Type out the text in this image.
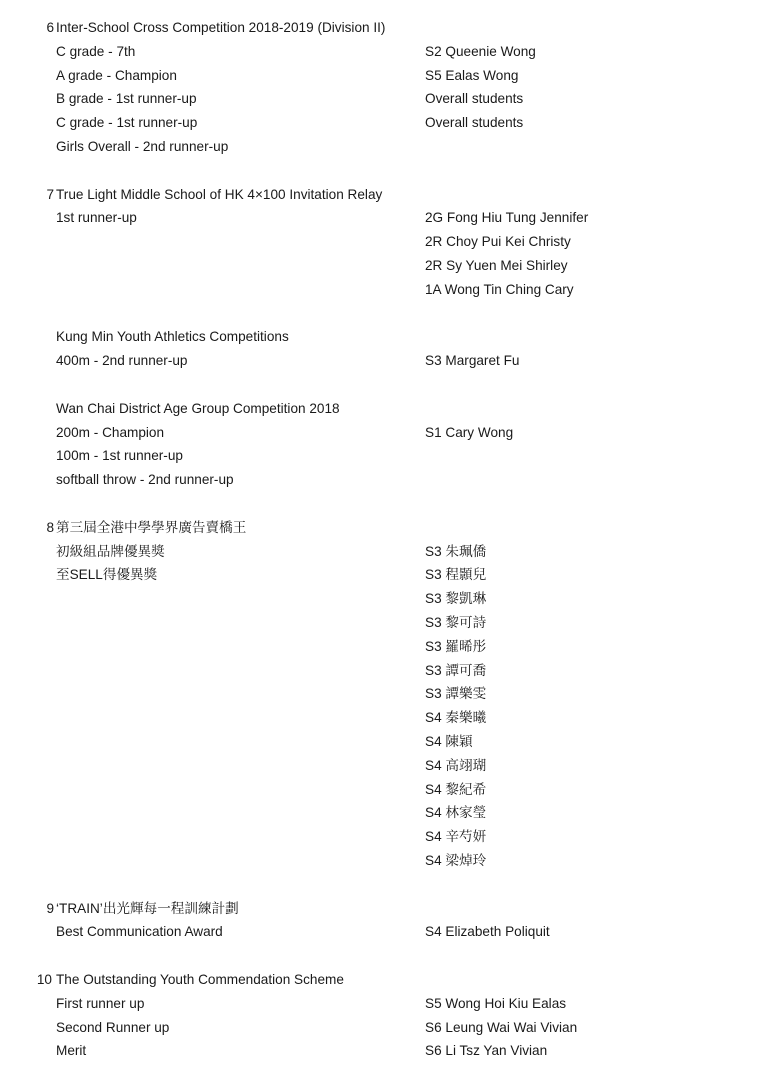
6 Inter-School Cross Competition 2018-2019 (Division II)
C grade - 7th	S2 Queenie Wong
A grade - Champion	S5 Ealas Wong
B grade - 1st runner-up	Overall students
C grade - 1st runner-up	Overall students
Girls Overall - 2nd runner-up
7 True Light Middle School of HK 4×100 Invitation Relay
1st runner-up	2G Fong Hiu Tung Jennifer
2R Choy Pui Kei Christy
2R Sy Yuen Mei Shirley
1A Wong Tin Ching Cary
Kung Min Youth Athletics Competitions
400m - 2nd runner-up	S3 Margaret Fu
Wan Chai District Age Group Competition 2018
200m - Champion	S1 Cary Wong
100m - 1st runner-up
softball throw - 2nd runner-up
8 第三屆全港中學學界廣告賣橋王
初級組品牌優異獎	S3 朱珮僑
至SELL得優異獎	S3 程顥兒
S3 黎凱琳
S3 黎可詩
S3 羅晞彤
S3 譚可喬
S3 譚樂雯
S4 秦樂曦
S4 陳穎
S4 高翊瑚
S4 黎紀希
S4 林家瑩
S4 辛芍妍
S4 梁焯玲
9 ‘TRAIN’出光輝每一程訓練計劃
Best Communication Award	S4 Elizabeth Poliquit
10 The Outstanding Youth Commendation Scheme
First runner up	S5 Wong Hoi Kiu Ealas
Second Runner up	S6 Leung Wai Wai Vivian
Merit	S6 Li Tsz Yan Vivian
